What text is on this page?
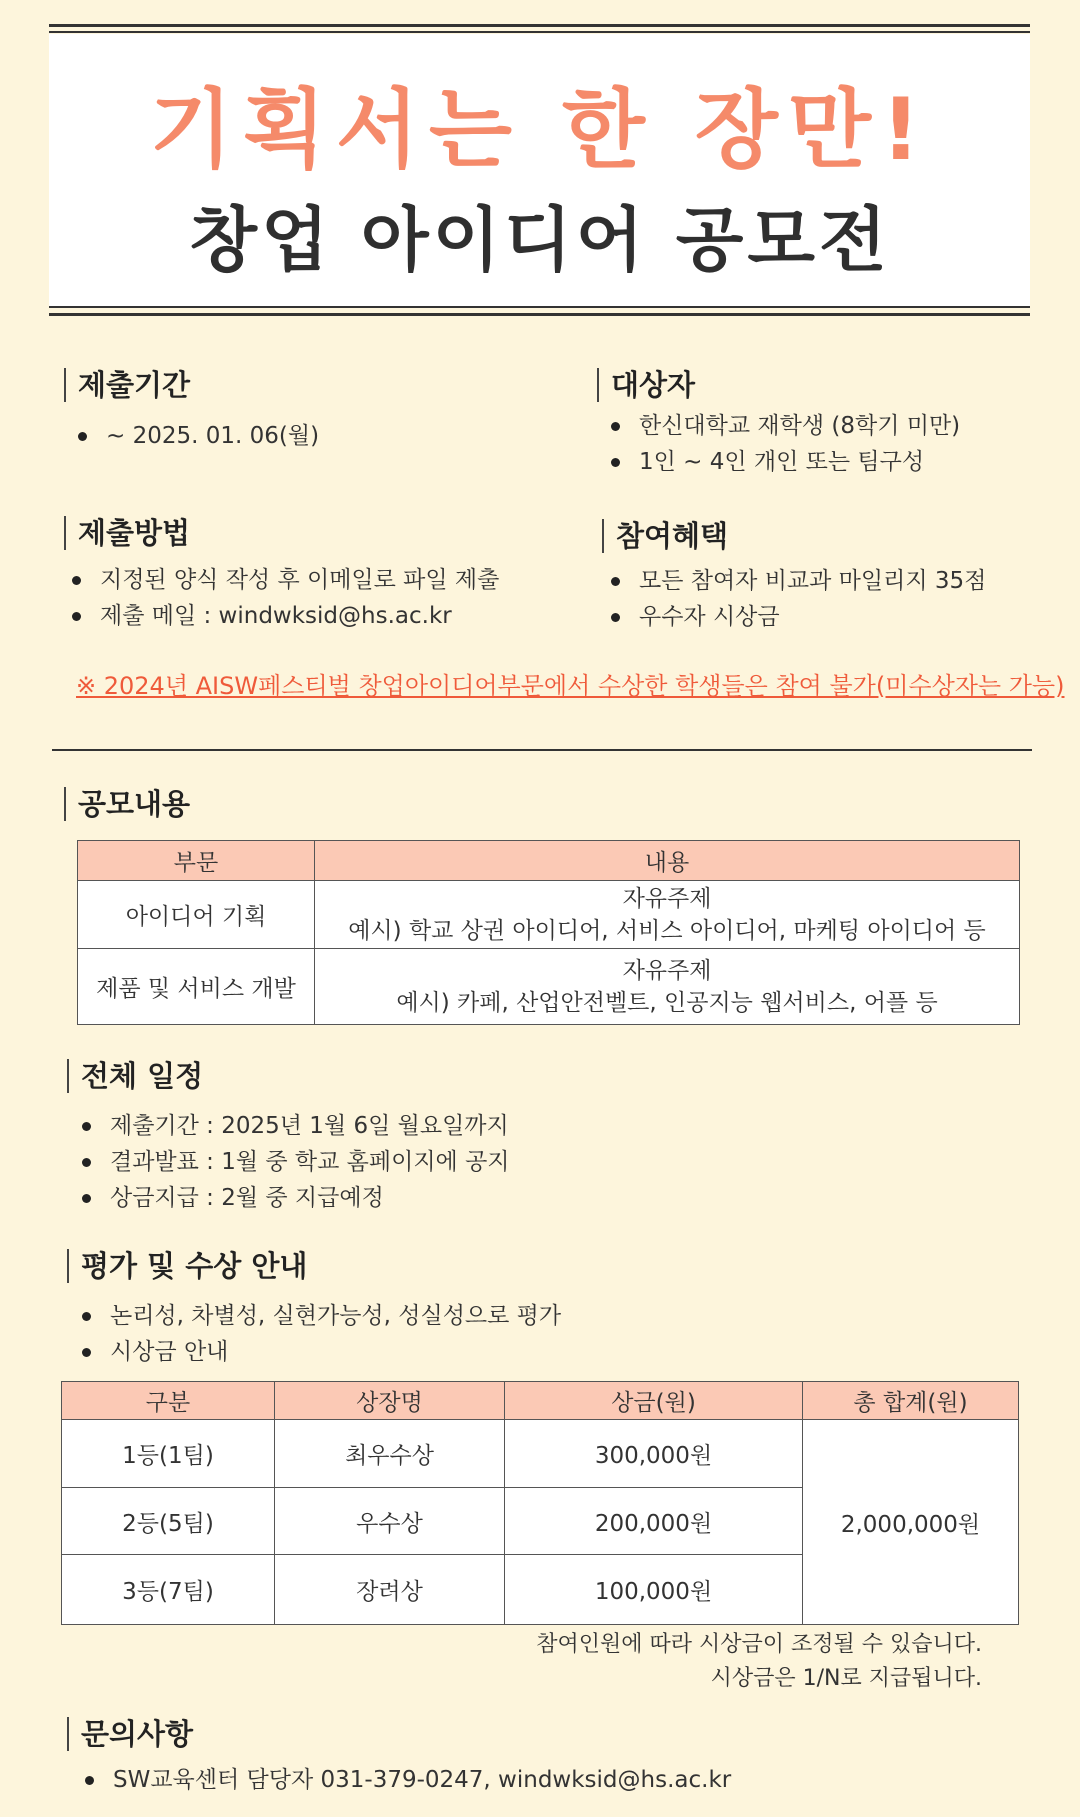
기획서는 한 장만!
창업 아이디어 공모전
제출기간
~ 2025. 01. 06(월)
대상자
한신대학교 재학생 (8학기 미만)
1인 ~ 4인 개인 또는 팀구성
제출방법
지정된 양식 작성 후 이메일로 파일 제출
제출 메일 : windwksid@hs.ac.kr
참여혜택
모든 참여자 비교과 마일리지 35점
우수자 시상금
※ 2024년 AISW페스티벌 창업아이디어부문에서 수상한 학생들은 참여 불가(미수상자는 가능)
공모내용
부문	내용
아이디어 기획	자유주제
예시) 학교 상권 아이디어, 서비스 아이디어, 마케팅 아이디어 등

제품 및 서비스 개발	자유주제
예시) 카페, 산업안전벨트, 인공지능 웹서비스, 어플 등
전체 일정
제출기간 : 2025년 1월 6일 월요일까지
결과발표 : 1월 중 학교 홈페이지에 공지
상금지급 : 2월 중 지급예정
평가 및 수상 안내
논리성, 차별성, 실현가능성, 성실성으로 평가
시상금 안내
구분	상장명	상금(원)	총 합계(원)
1등(1팀)	최우수상	300,000원	2,000,000원
2등(5팀)	우수상	200,000원	
3등(7팀)	장려상	100,000원	
참여인원에 따라 시상금이 조정될 수 있습니다.
시상금은 1/N로 지급됩니다.
문의사항
SW교육센터 담당자 031-379-0247, windwksid@hs.ac.kr
